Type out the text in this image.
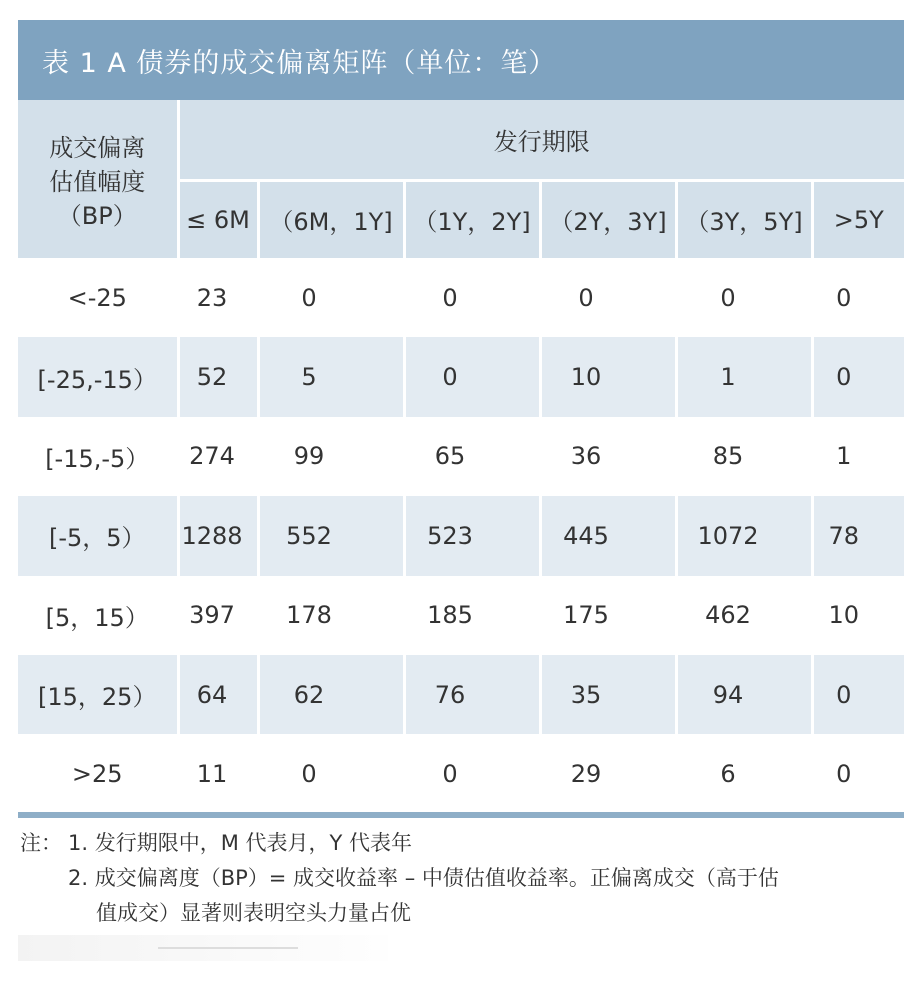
表 1 A 债券的成交偏离矩阵（单位：笔）
成交偏离
估值幅度
（BP）	发行期限					
	≤ 6M	（6M，1Y]	（1Y，2Y]	（2Y，3Y]	（3Y，5Y]	>5Y
<-25	23	0	0	0	0	0
[-25,-15）	52	5	0	10	1	0
[-15,-5）	274	99	65	36	85	1
[-5，5）	1288	552	523	445	1072	78
[5，15）	397	178	185	175	462	10
[15，25）	64	62	76	35	94	0
>25	11	0	0	29	6	0
注： 1. 发行期限中，M 代表月，Y 代表年
2. 成交偏离度（BP）= 成交收益率 – 中债估值收益率。正偏离成交（高于估
值成交）显著则表明空头力量占优
